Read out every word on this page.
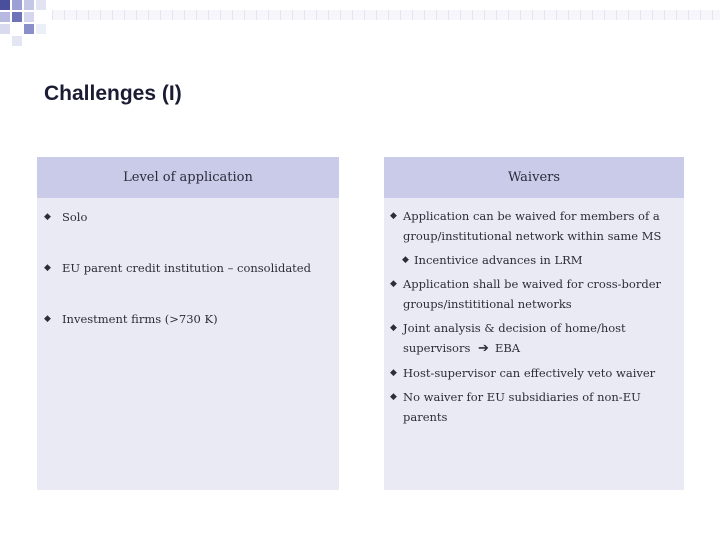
Challenges (I)
Level of application
◆ Solo
◆ EU parent credit institution – consolidated
◆ Investment firms (>730 K)
Waivers
◆ Application can be waived for members of a group/institutional network within same MS
◆ Incentivice advances in LRM
◆ Application shall be waived for cross-border groups/instititional networks
◆ Joint analysis & decision of home/host supervisors ➔ EBA
◆ Host-supervisor can effectively veto waiver
◆ No waiver for EU subsidiaries of non-EU parents
